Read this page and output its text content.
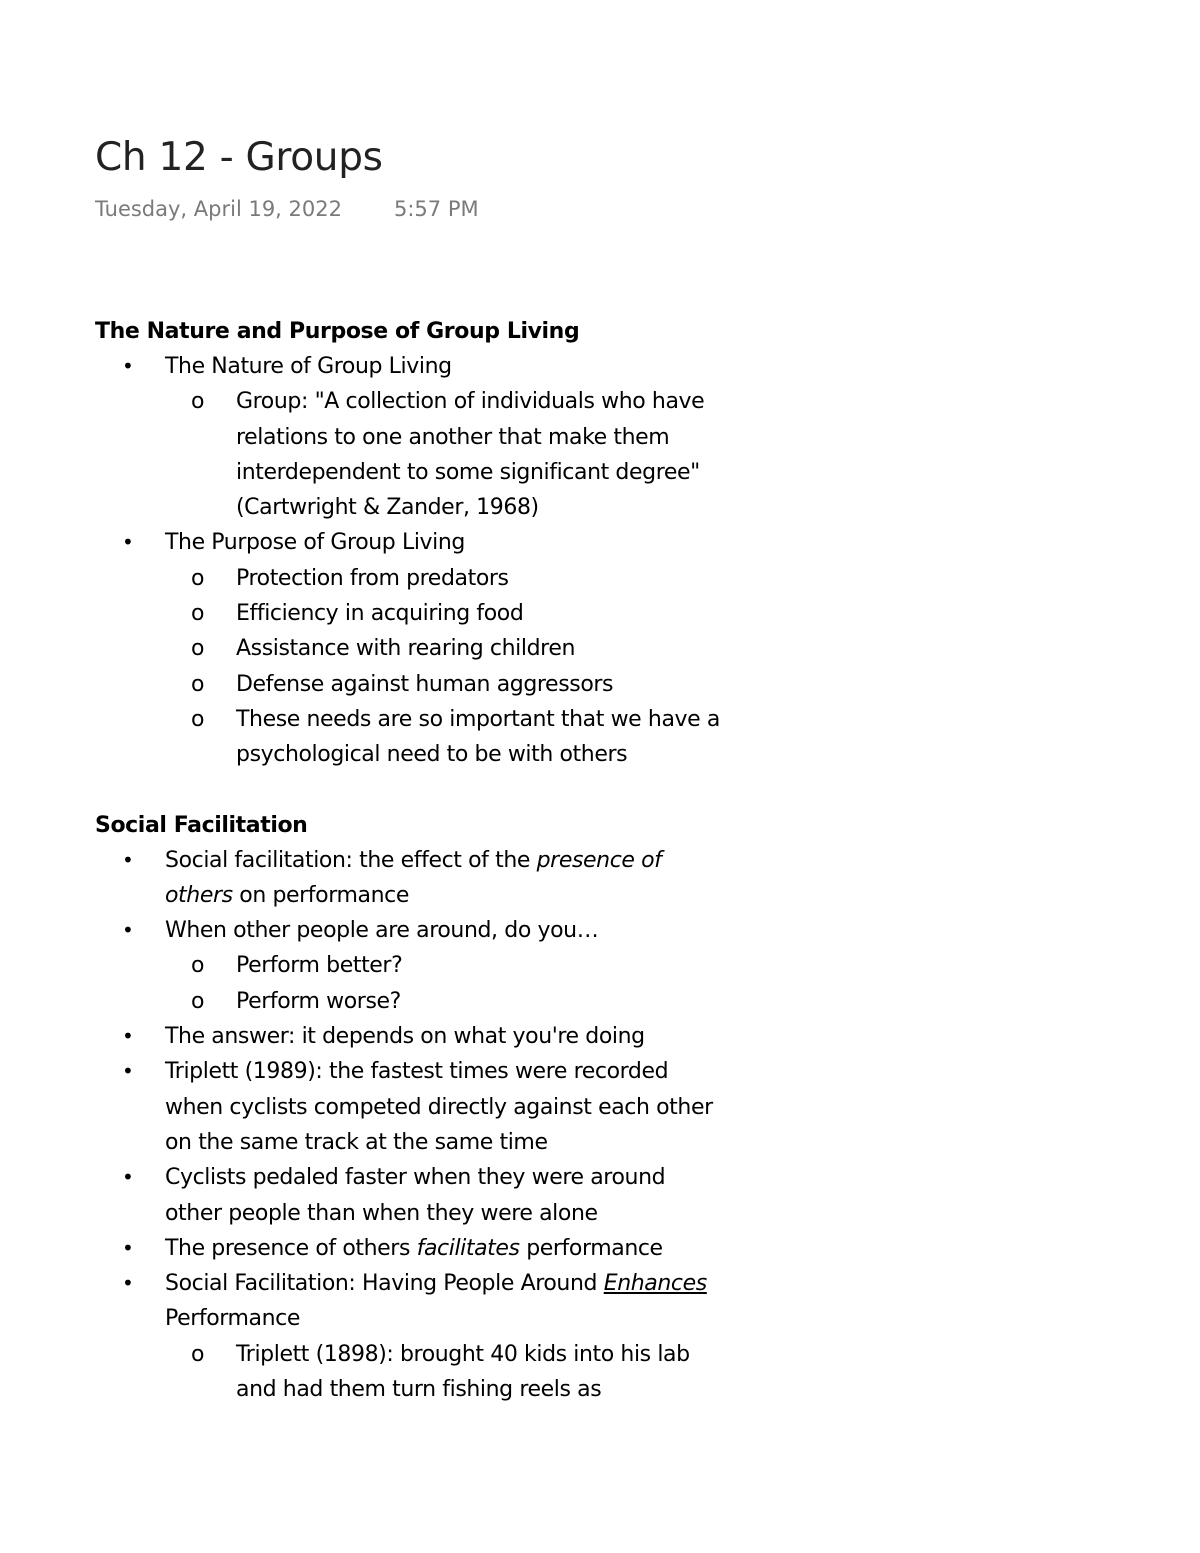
Ch 12 - Groups
Tuesday, April 19, 2022 5:57 PM

The Nature and Purpose of Group Living

• The Nature of Group Living
o Group: "A collection of individuals who have relations to one another that make them interdependent to some significant degree" (Cartwright & Zander, 1968)
• The Purpose of Group Living
o Protection from predators
o Efficiency in acquiring food
o Assistance with rearing children
o Defense against human aggressors
o These needs are so important that we have a psychological need to be with others

Social Facilitation

• Social facilitation: the effect of the presence of others on performance
• When other people are around, do you…
o Perform better?
o Perform worse?
• The answer: it depends on what you're doing
• Triplett (1989): the fastest times were recorded when cyclists competed directly against each other on the same track at the same time
• Cyclists pedaled faster when they were around other people than when they were alone
• The presence of others facilitates performance
• Social Facilitation: Having People Around Enhances Performance
o Triplett (1898): brought 40 kids into his lab and had them turn fishing reels as
